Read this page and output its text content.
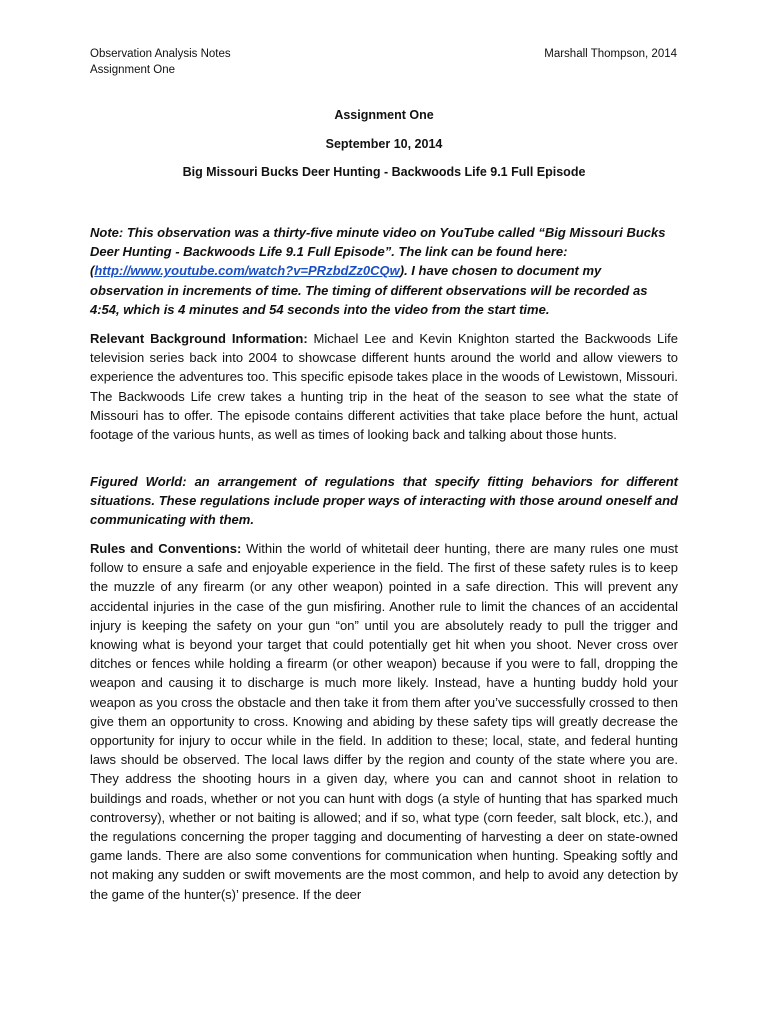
Observation Analysis Notes
Assignment One
Marshall Thompson, 2014
Assignment One
September 10, 2014
Big Missouri Bucks Deer Hunting - Backwoods Life 9.1 Full Episode

Note: This observation was a thirty-five minute video on YouTube called “Big Missouri Bucks Deer Hunting - Backwoods Life 9.1 Full Episode”. The link can be found here: (http://www.youtube.com/watch?v=PRzbdZz0CQw). I have chosen to document my observation in increments of time. The timing of different observations will be recorded as 4:54, which is 4 minutes and 54 seconds into the video from the start time.

Relevant Background Information: Michael Lee and Kevin Knighton started the Backwoods Life television series back into 2004 to showcase different hunts around the world and allow viewers to experience the adventures too. This specific episode takes place in the woods of Lewistown, Missouri. The Backwoods Life crew takes a hunting trip in the heat of the season to see what the state of Missouri has to offer. The episode contains different activities that take place before the hunt, actual footage of the various hunts, as well as times of looking back and talking about those hunts.

Figured World: an arrangement of regulations that specify fitting behaviors for different situations. These regulations include proper ways of interacting with those around oneself and communicating with them.

Rules and Conventions: Within the world of whitetail deer hunting, there are many rules one must follow to ensure a safe and enjoyable experience in the field. The first of these safety rules is to keep the muzzle of any firearm (or any other weapon) pointed in a safe direction. This will prevent any accidental injuries in the case of the gun misfiring. Another rule to limit the chances of an accidental injury is keeping the safety on your gun “on” until you are absolutely ready to pull the trigger and knowing what is beyond your target that could potentially get hit when you shoot. Never cross over ditches or fences while holding a firearm (or other weapon) because if you were to fall, dropping the weapon and causing it to discharge is much more likely. Instead, have a hunting buddy hold your weapon as you cross the obstacle and then take it from them after you’ve successfully crossed to then give them an opportunity to cross. Knowing and abiding by these safety tips will greatly decrease the opportunity for injury to occur while in the field. In addition to these; local, state, and federal hunting laws should be observed. The local laws differ by the region and county of the state where you are. They address the shooting hours in a given day, where you can and cannot shoot in relation to buildings and roads, whether or not you can hunt with dogs (a style of hunting that has sparked much controversy), whether or not baiting is allowed; and if so, what type (corn feeder, salt block, etc.), and the regulations concerning the proper tagging and documenting of harvesting a deer on state-owned game lands. There are also some conventions for communication when hunting. Speaking softly and not making any sudden or swift movements are the most common, and help to avoid any detection by the game of the hunter(s)’ presence. If the deer
